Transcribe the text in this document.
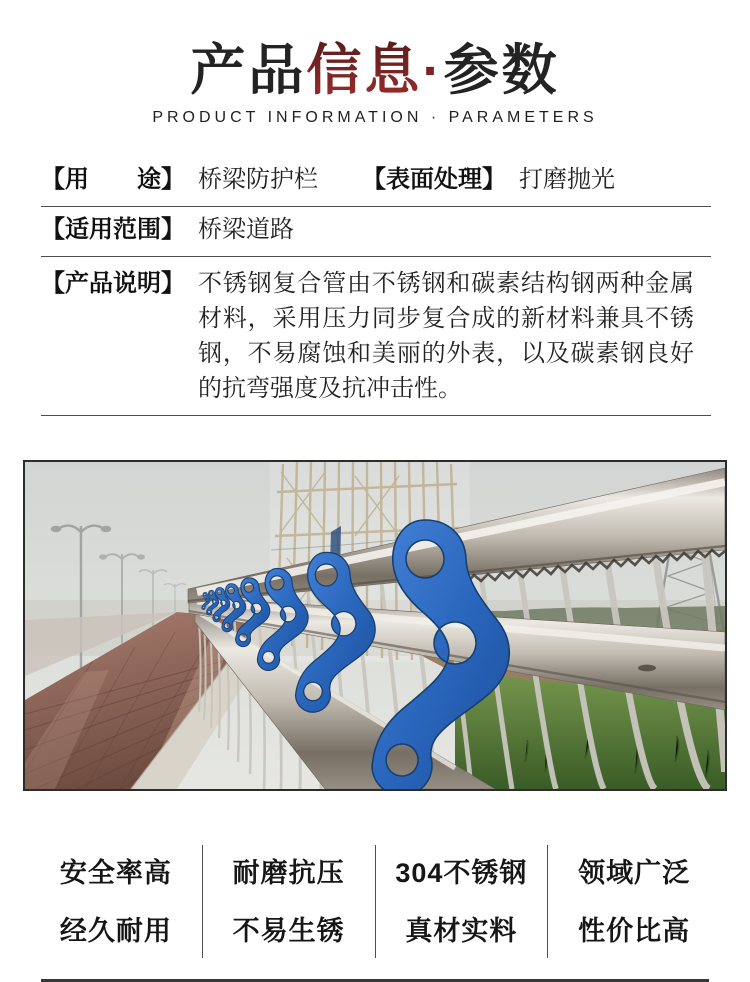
产品信息·参数
PRODUCT INFORMATION · PARAMETERS
【用　　途】 桥梁防护栏 【表面处理】 打磨抛光
【适用范围】 桥梁道路
【产品说明】 不锈钢复合管由不锈钢和碳素结构钢两种金属材料，采用压力同步复合成的新材料兼具不锈钢，不易腐蚀和美丽的外表，以及碳素钢良好的抗弯强度及抗冲击性。
安全率高
经久耐用
耐磨抗压
不易生锈
304不锈钢
真材实料
领域广泛
性价比高
